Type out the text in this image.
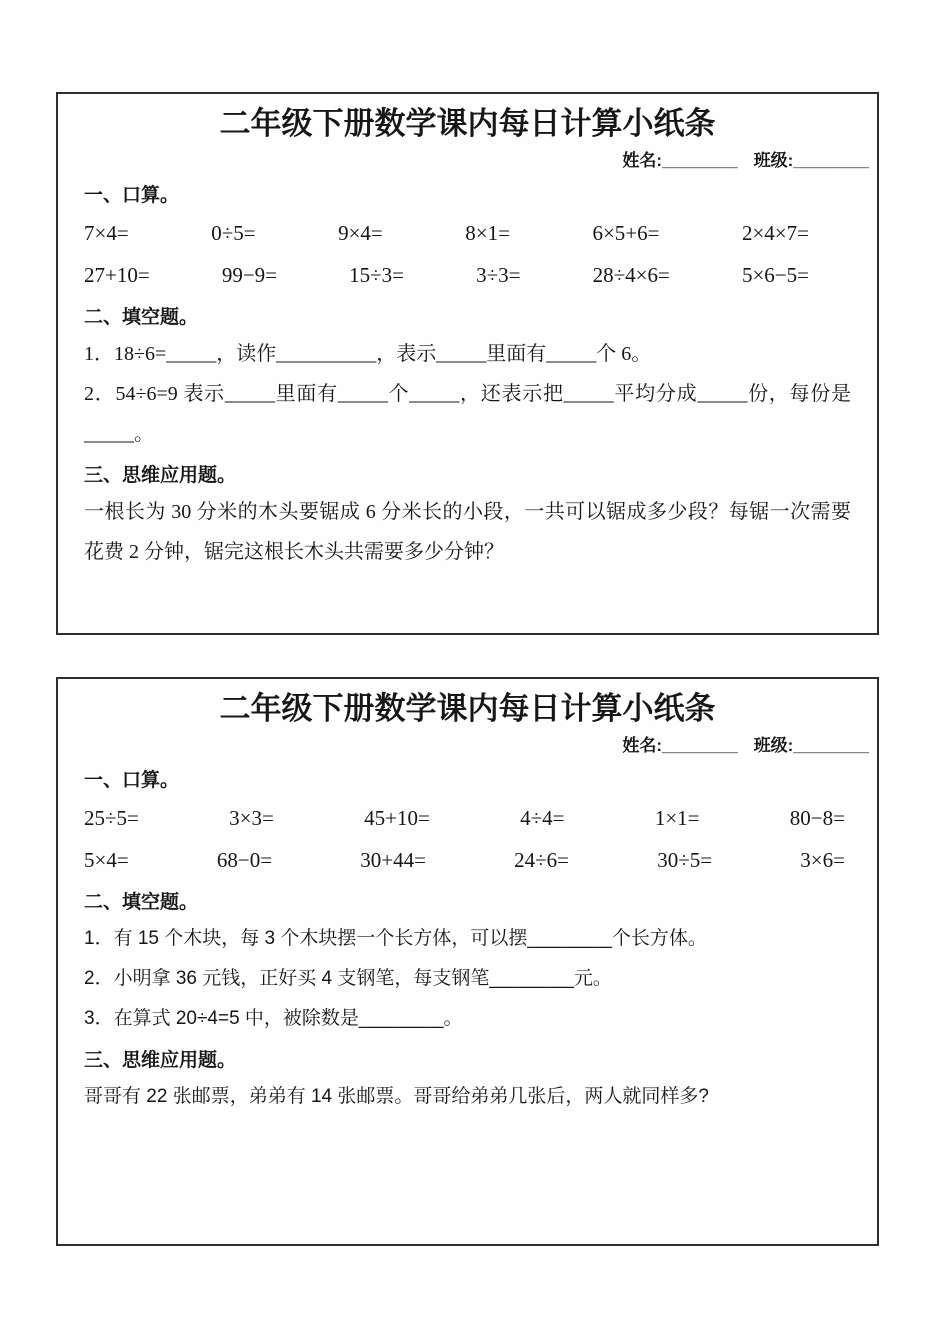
二年级下册数学课内每日计算小纸条
姓名:________ 班级:________
一、口算。
7×4=	0÷5=	9×4=	8×1=	6×5+6=	2×4×7=
27+10=	99−9=	15÷3=	3÷3=	28÷4×6=	5×6−5=
二、填空题。

1．18÷6=_____，读作__________，表示_____里面有_____个 6。

2．54÷6=9 表示_____里面有_____个_____，还表示把_____平均分成_____份，每份是_____。

三、思维应用题。

一根长为 30 分米的木头要锯成 6 分米长的小段，一共可以锯成多少段？每锯一次需要花费 2 分钟，锯完这根长木头共需要多少分钟？

二年级下册数学课内每日计算小纸条
姓名:________ 班级:________
一、口算。
25÷5=	3×3=	45+10=	4÷4=	1×1=	80−8=
5×4=	68−0=	30+44=	24÷6=	30÷5=	3×6=
二、填空题。

1．有 15 个木块，每 3 个木块摆一个长方体，可以摆________个长方体。

2．小明拿 36 元钱，正好买 4 支钢笔，每支钢笔________元。

3．在算式 20÷4=5 中，被除数是________。

三、思维应用题。

哥哥有 22 张邮票，弟弟有 14 张邮票。哥哥给弟弟几张后，两人就同样多?
